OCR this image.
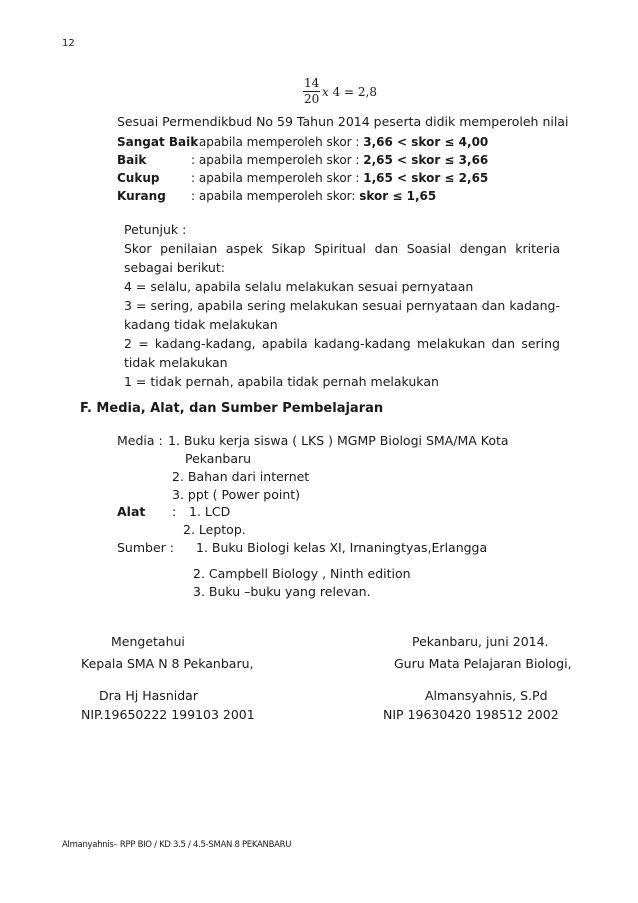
12
$\frac{14}{20}$ 𝑥 4 = 2,8
Sesuai Permendikbud No 59 Tahun 2014 peserta didik memperoleh nilai
Sangat Baik
: apabila memperoleh skor : 3,66 < skor ≤ 4,00
Baik	: apabila memperoleh skor : 2,65 < skor ≤ 3,66
Cukup	: apabila memperoleh skor : 1,65 < skor ≤ 2,65
Kurang : apabila memperoleh skor: skor ≤ 1,65
Petunjuk :
Skor penilaian aspek Sikap Spiritual dan Soasial dengan kriteria
sebagai berikut:
4 = selalu, apabila selalu melakukan sesuai pernyataan
3 = sering, apabila sering melakukan sesuai pernyataan dan kadang-kadang tidak melakukan
2 = kadang-kadang, apabila kadang-kadang melakukan dan sering tidak melakukan
1 = tidak pernah, apabila tidak pernah melakukan
F. Media, Alat, dan Sumber Pembelajaran
Media : 1. Buku kerja siswa ( LKS ) MGMP Biologi SMA/MA Kota
Pekanbaru
2. Bahan dari internet
3. ppt ( Power point)
Alat : 1. LCD
2. Leptop.
Sumber : 1. Buku Biologi kelas XI, Irnaningtyas,Erlangga
2. Campbell Biology , Ninth edition
3. Buku –buku yang relevan.
Mengetahui
Kepala SMA N 8 Pekanbaru,
Dra Hj Hasnidar
NIP.19650222 199103 2001
Pekanbaru, juni 2014.
Guru Mata Pelajaran Biologi,
Almansyahnis, S.Pd
NIP 19630420 198512 2002
Almanyahnis– RPP BIO / KD 3.5 / 4.5-SMAN 8 PEKANBARU
